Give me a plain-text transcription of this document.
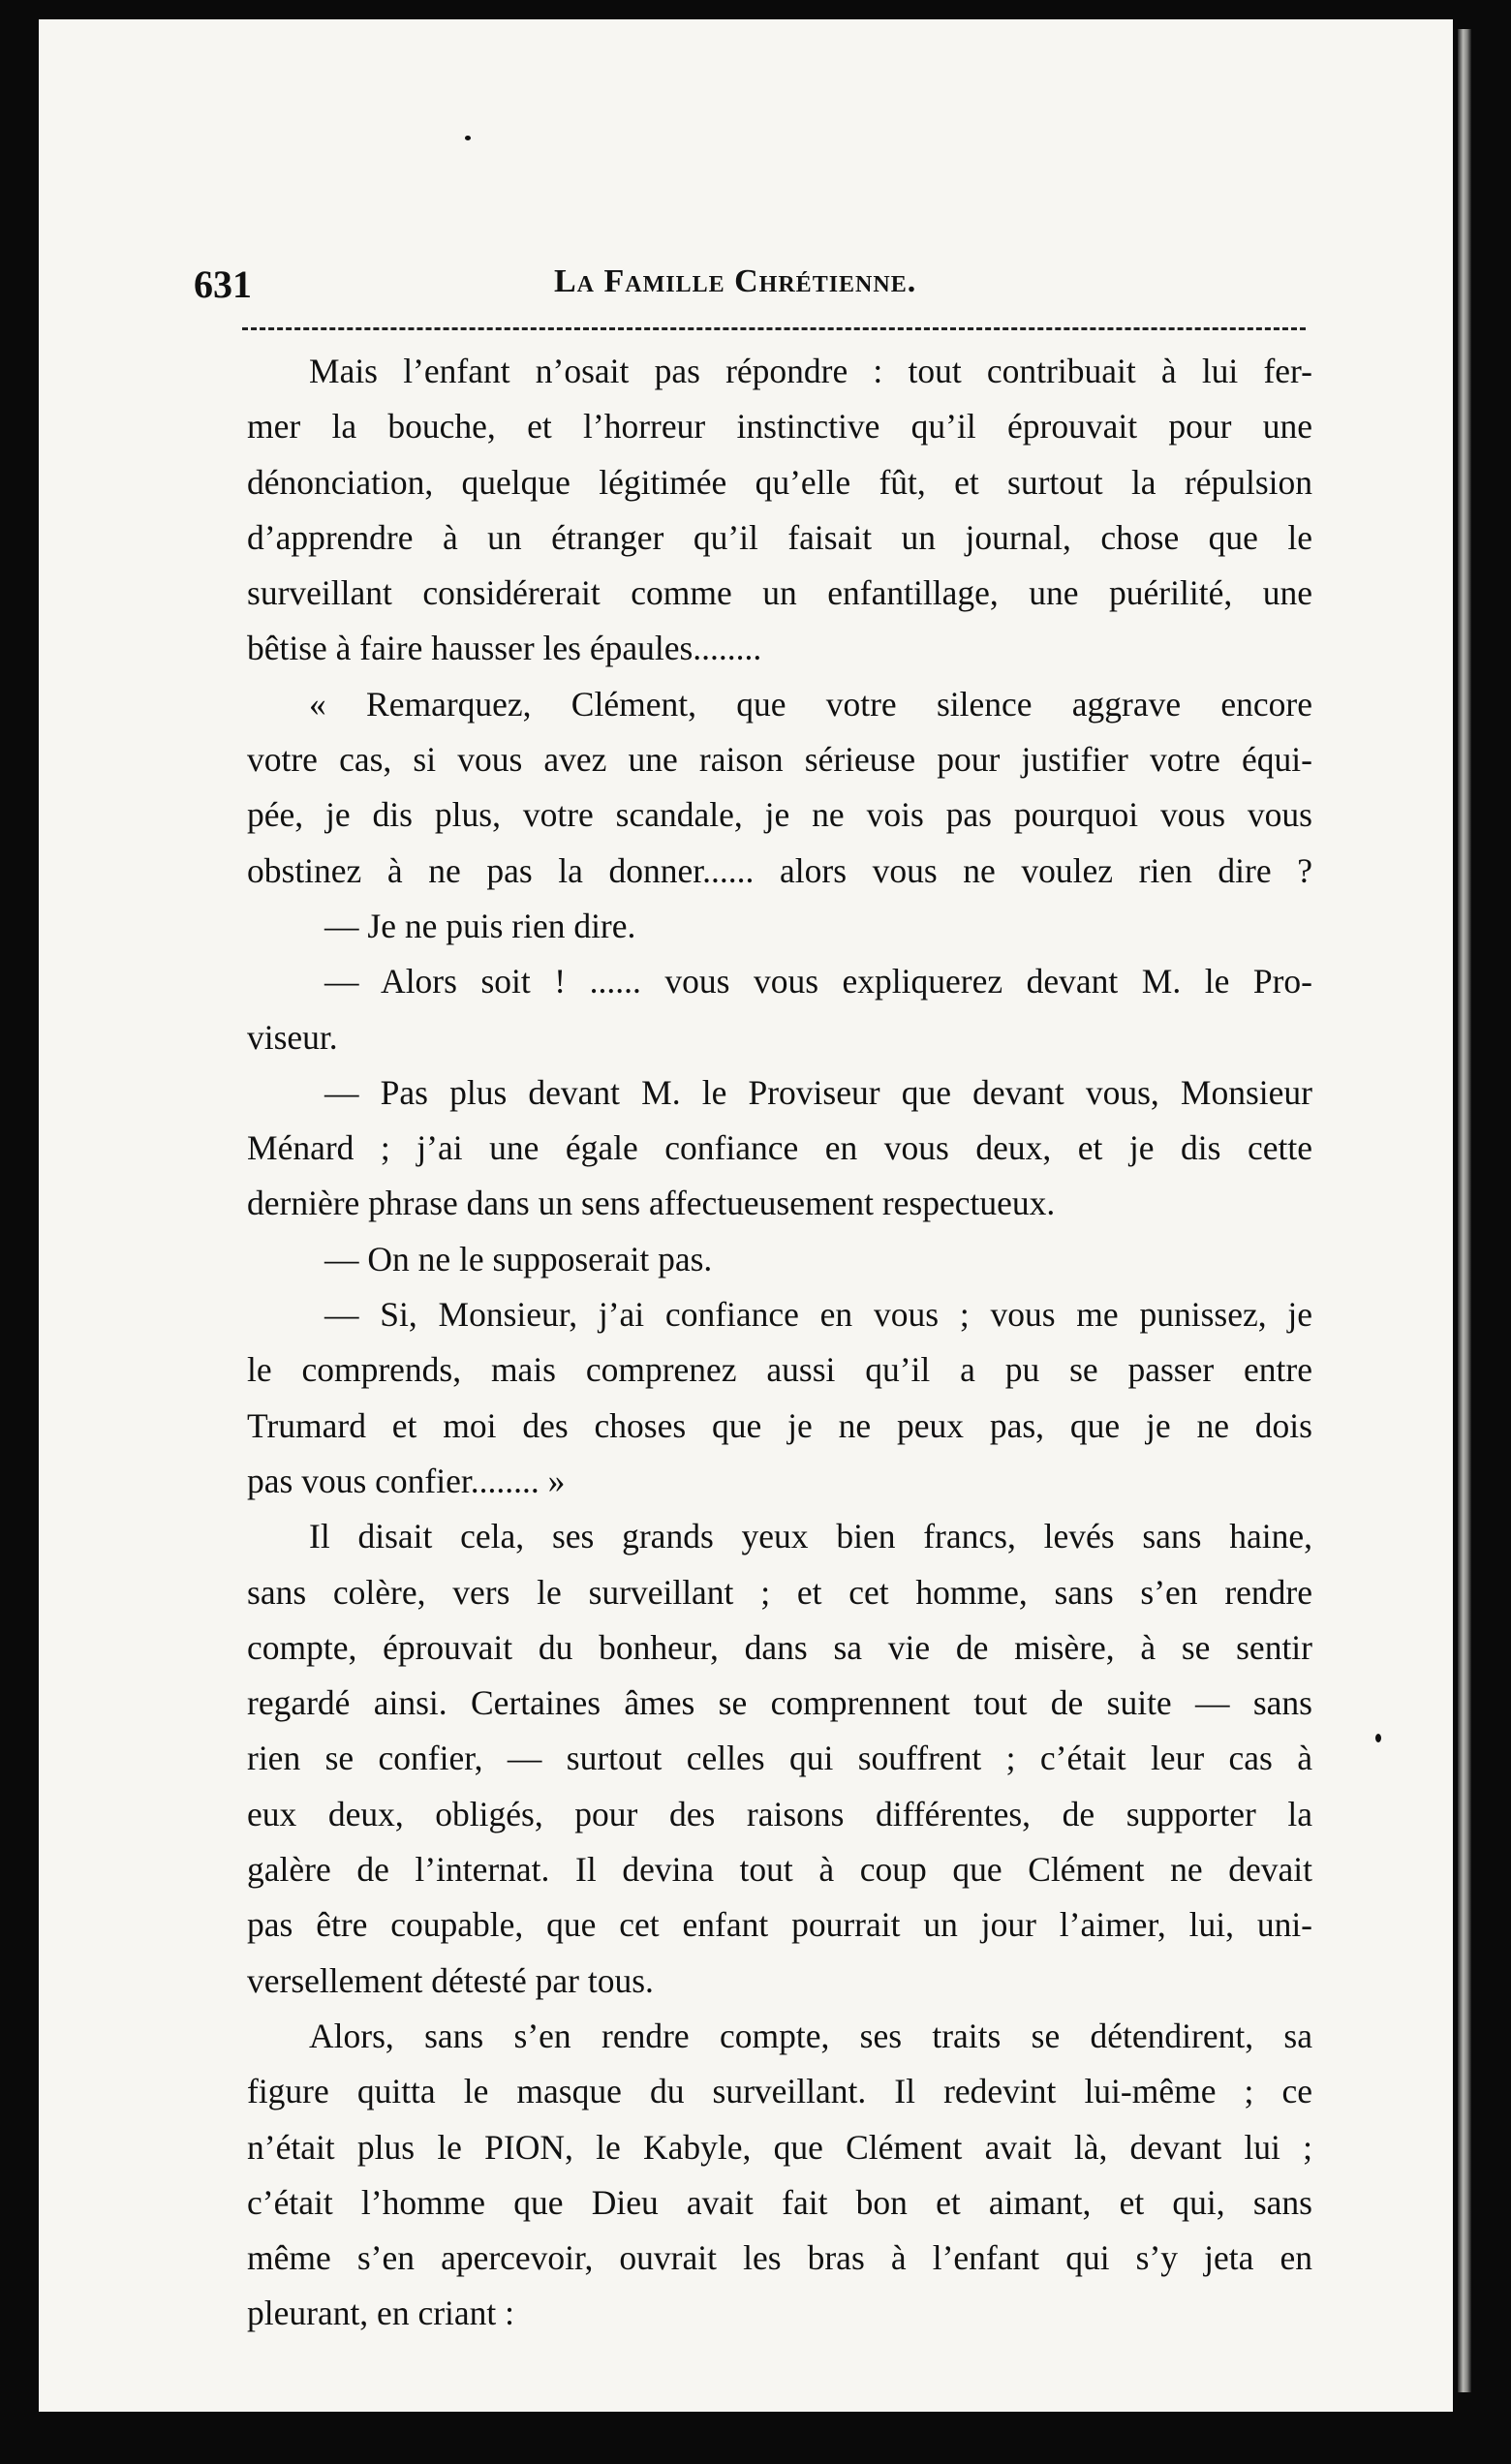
631	La Famille Chrétienne.

Mais l’enfant n’osait pas répondre : tout contribuait à lui fer-
mer la bouche, et l’horreur instinctive qu’il éprouvait pour une
dénonciation, quelque légitimée qu’elle fût, et surtout la répulsion
d’apprendre à un étranger qu’il faisait un journal, chose que le
surveillant considérerait comme un enfantillage, une puérilité, une
bêtise à faire hausser les épaules........

« Remarquez, Clément, que votre silence aggrave encore
votre cas, si vous avez une raison sérieuse pour justifier votre équi-
pée, je dis plus, votre scandale, je ne vois pas pourquoi vous vous
obstinez à ne pas la donner...... alors vous ne voulez rien dire ?

— Je ne puis rien dire.

— Alors soit ! ...... vous vous expliquerez devant M. le Pro-
viseur.

— Pas plus devant M. le Proviseur que devant vous, Monsieur
Ménard ; j’ai une égale confiance en vous deux, et je dis cette
dernière phrase dans un sens affectueusement respectueux.

— On ne le supposerait pas.

— Si, Monsieur, j’ai confiance en vous ; vous me punissez, je
le comprends, mais comprenez aussi qu’il a pu se passer entre
Trumard et moi des choses que je ne peux pas, que je ne dois
pas vous confier........ »

Il disait cela, ses grands yeux bien francs, levés sans haine,
sans colère, vers le surveillant ; et cet homme, sans s’en rendre
compte, éprouvait du bonheur, dans sa vie de misère, à se sentir
regardé ainsi. Certaines âmes se comprennent tout de suite — sans
rien se confier, — surtout celles qui souffrent ; c’était leur cas à
eux deux, obligés, pour des raisons différentes, de supporter la
galère de l’internat. Il devina tout à coup que Clément ne devait
pas être coupable, que cet enfant pourrait un jour l’aimer, lui, uni-
versellement détesté par tous.

Alors, sans s’en rendre compte, ses traits se détendirent, sa
figure quitta le masque du surveillant. Il redevint lui-même ; ce
n’était plus le PION, le Kabyle, que Clément avait là, devant lui ;
c’était l’homme que Dieu avait fait bon et aimant, et qui, sans
même s’en apercevoir, ouvrait les bras à l’enfant qui s’y jeta en
pleurant, en criant :
